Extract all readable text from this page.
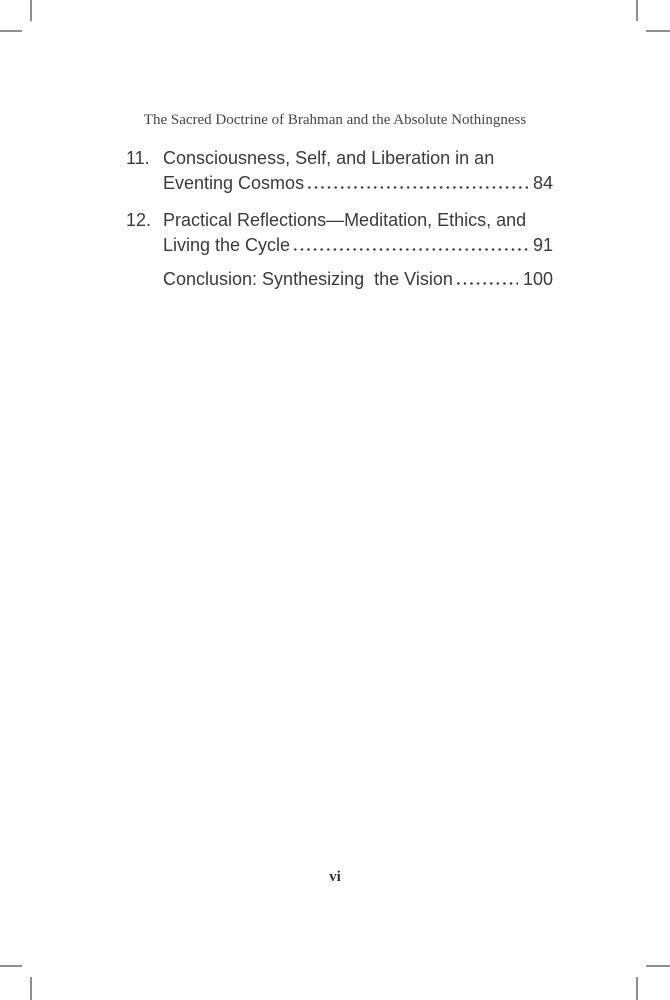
The Sacred Doctrine of Brahman and the Absolute Nothingness
11. Consciousness, Self, and Liberation in an
Eventing Cosmos	84
12. Practical Reflections—Meditation, Ethics, and
Living the Cycle	91
Conclusion: Synthesizing  the Vision	100
vi
